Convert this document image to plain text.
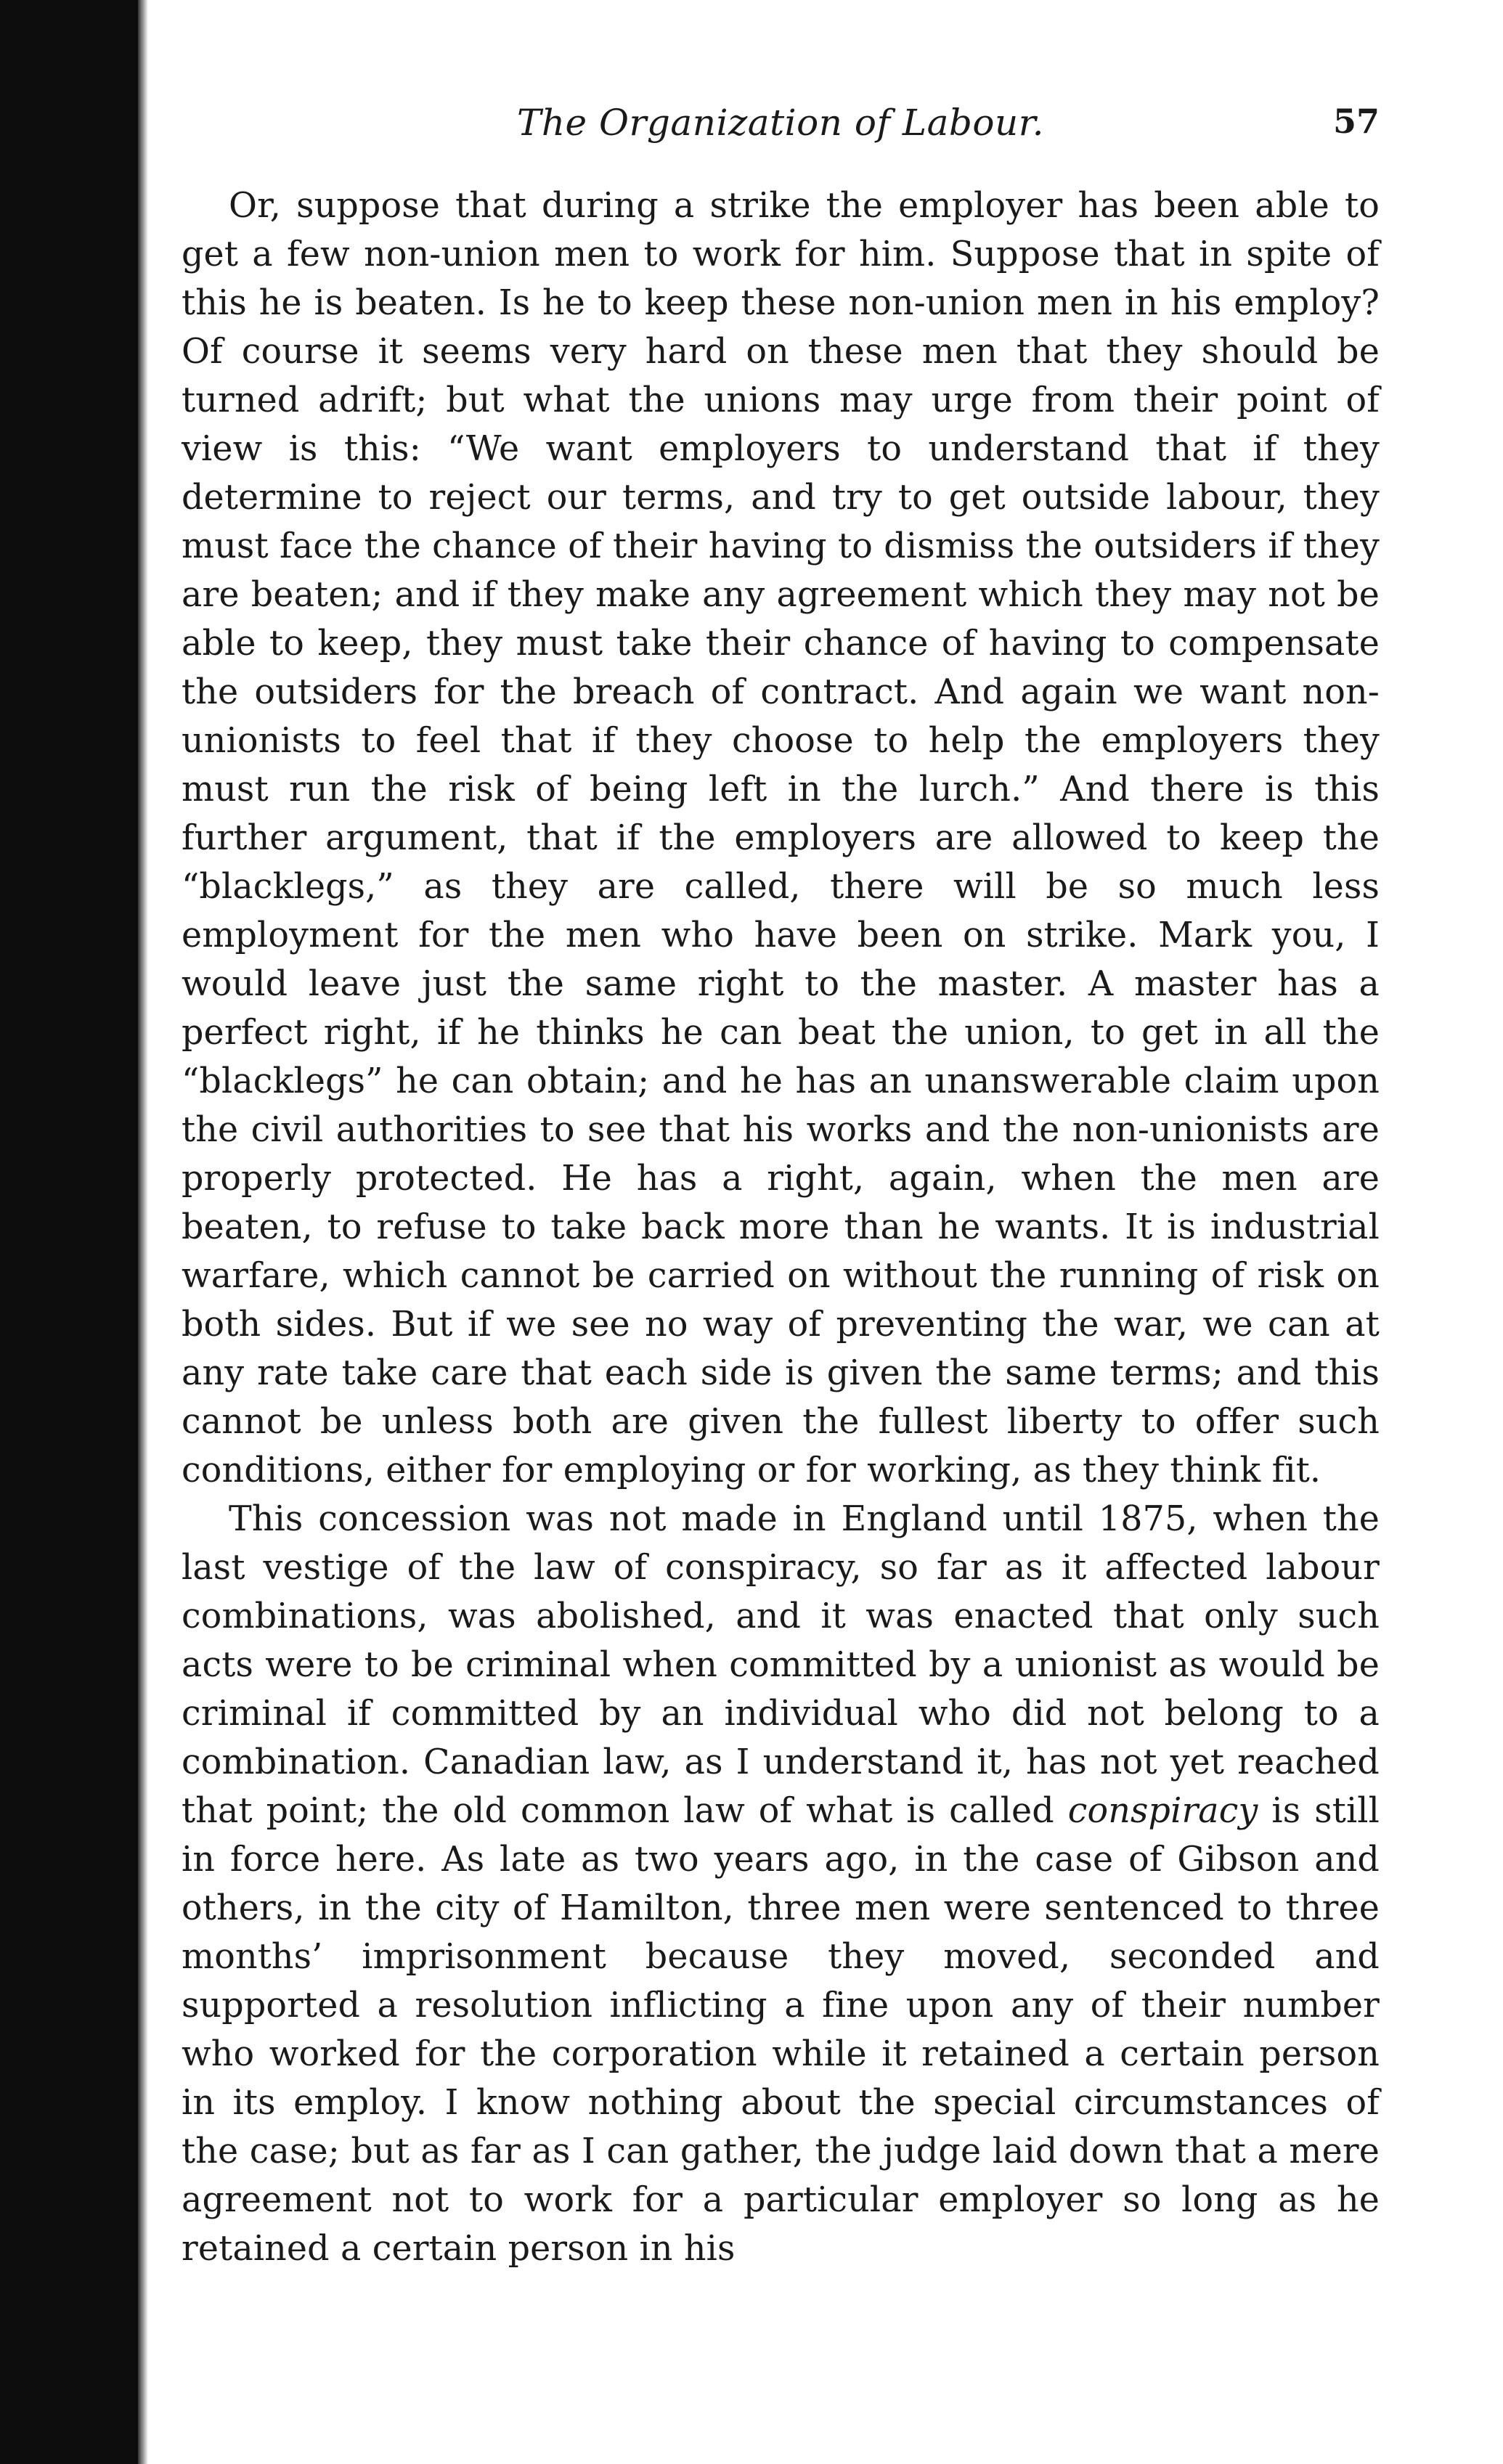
The Organization of Labour.	57

Or, suppose that during a strike the employer has been able to get a few non-union men to work for him. Suppose that in spite of this he is beaten. Is he to keep these non-union men in his employ? Of course it seems very hard on these men that they should be turned adrift; but what the unions may urge from their point of view is this: “We want employers to understand that if they determine to reject our terms, and try to get outside labour, they must face the chance of their having to dismiss the outsiders if they are beaten; and if they make any agreement which they may not be able to keep, they must take their chance of having to compensate the outsiders for the breach of contract. And again we want non-unionists to feel that if they choose to help the employers they must run the risk of being left in the lurch.” And there is this further argument, that if the employers are allowed to keep the “blacklegs,” as they are called, there will be so much less employment for the men who have been on strike. Mark you, I would leave just the same right to the master. A master has a perfect right, if he thinks he can beat the union, to get in all the “blacklegs” he can obtain; and he has an unanswerable claim upon the civil authorities to see that his works and the non-unionists are properly protected. He has a right, again, when the men are beaten, to refuse to take back more than he wants. It is industrial warfare, which cannot be carried on without the running of risk on both sides. But if we see no way of preventing the war, we can at any rate take care that each side is given the same terms; and this cannot be unless both are given the fullest liberty to offer such conditions, either for employing or for working, as they think fit.

This concession was not made in England until 1875, when the last vestige of the law of conspiracy, so far as it affected labour combinations, was abolished, and it was enacted that only such acts were to be criminal when committed by a unionist as would be criminal if committed by an individual who did not belong to a combination. Canadian law, as I understand it, has not yet reached that point; the old common law of what is called conspiracy is still in force here. As late as two years ago, in the case of Gibson and others, in the city of Hamilton, three men were sentenced to three months’ imprisonment because they moved, seconded and supported a resolution inflicting a fine upon any of their number who worked for the corporation while it retained a certain person in its employ. I know nothing about the special circumstances of the case; but as far as I can gather, the judge laid down that a mere agreement not to work for a particular employer so long as he retained a certain person in his
